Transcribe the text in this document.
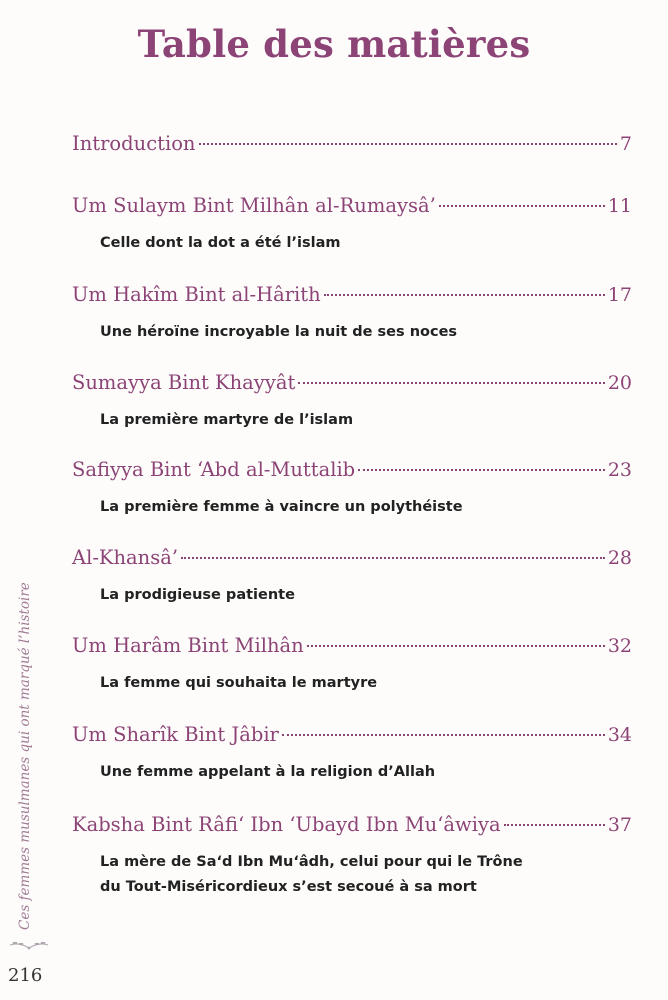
Table des matières
Introduction	7
Um Sulaym Bint Milhân al-Rumaysâ’	11
Celle dont la dot a été l’islam
Um Hakîm Bint al-Hârith	17
Une héroïne incroyable la nuit de ses noces
Sumayya Bint Khayyât	20
La première martyre de l’islam
Safiyya Bint ‘Abd al-Muttalib	23
La première femme à vaincre un polythéiste
Al-Khansâ’	28
La prodigieuse patiente
Um Harâm Bint Milhân	32
La femme qui souhaita le martyre
Um Sharîk Bint Jâbir	34
Une femme appelant à la religion d’Allah
Kabsha Bint Râfi‘ Ibn ‘Ubayd Ibn Mu‘âwiya	37
La mère de Sa‘d Ibn Mu‘âdh, celui pour qui le Trône
du Tout-Miséricordieux s’est secoué à sa mort
Ces femmes musulmanes qui ont marqué l’histoire
216
